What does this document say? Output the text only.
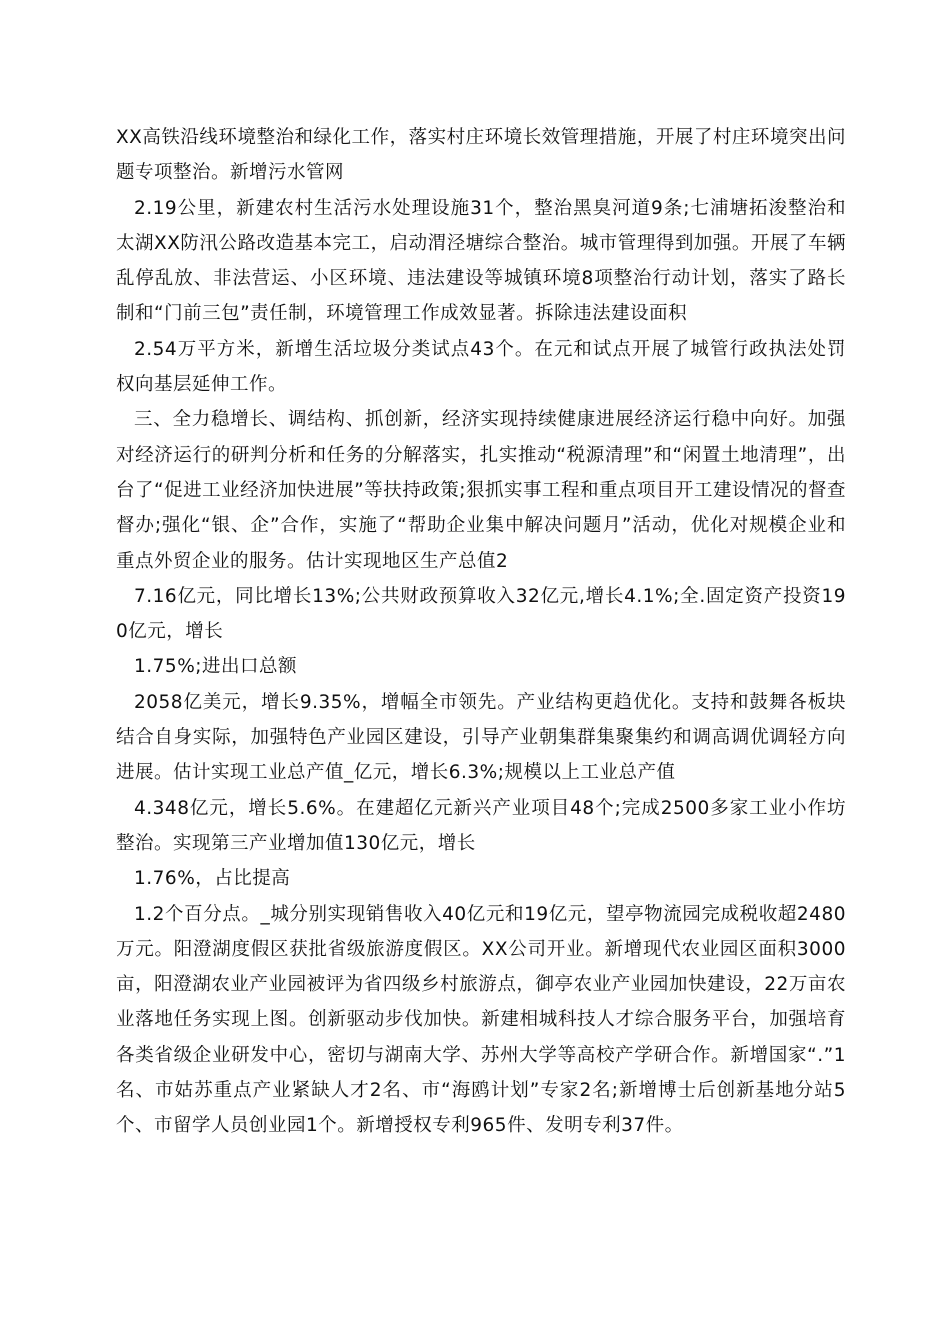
XX高铁沿线环境整治和绿化工作，落实村庄环境长效管理措施，开展了村庄环境突出问题专项整治。新增污水管网

2.19公里，新建农村生活污水处理设施31个，整治黑臭河道9条;七浦塘拓浚整治和太湖XX防汛公路改造基本完工，启动渭泾塘综合整治。城市管理得到加强。开展了车辆乱停乱放、非法营运、小区环境、违法建设等城镇环境8项整治行动计划，落实了路长制和“门前三包”责任制，环境管理工作成效显著。拆除违法建设面积

2.54万平方米，新增生活垃圾分类试点43个。在元和试点开展了城管行政执法处罚权向基层延伸工作。

三、全力稳增长、调结构、抓创新，经济实现持续健康进展经济运行稳中向好。加强对经济运行的研判分析和任务的分解落实，扎实推动“税源清理”和“闲置土地清理”，出台了“促进工业经济加快进展”等扶持政策;狠抓实事工程和重点项目开工建设情况的督查督办;强化“银、企”合作，实施了“帮助企业集中解决问题月”活动，优化对规模企业和重点外贸企业的服务。估计实现地区生产总值2

7.16亿元，同比增长13%;公共财政预算收入32亿元,增长4.1%;全.固定资产投资190亿元，增长

1.75%;进出口总额

2058亿美元，增长9.35%，增幅全市领先。产业结构更趋优化。支持和鼓舞各板块结合自身实际，加强特色产业园区建设，引导产业朝集群集聚集约和调高调优调轻方向进展。估计实现工业总产值_亿元，增长6.3%;规模以上工业总产值

4.348亿元，增长5.6%。在建超亿元新兴产业项目48个;完成2500多家工业小作坊整治。实现第三产业增加值130亿元，增长

1.76%，占比提高

1.2个百分点。_城分别实现销售收入40亿元和19亿元，望亭物流园完成税收超2480万元。阳澄湖度假区获批省级旅游度假区。XX公司开业。新增现代农业园区面积3000亩，阳澄湖农业产业园被评为省四级乡村旅游点，御亭农业产业园加快建设，22万亩农业落地任务实现上图。创新驱动步伐加快。新建相城科技人才综合服务平台，加强培育各类省级企业研发中心，密切与湖南大学、苏州大学等高校产学研合作。新增国家“.”1名、市姑苏重点产业紧缺人才2名、市“海鸥计划”专家2名;新增博士后创新基地分站5个、市留学人员创业园1个。新增授权专利965件、发明专利37件。
